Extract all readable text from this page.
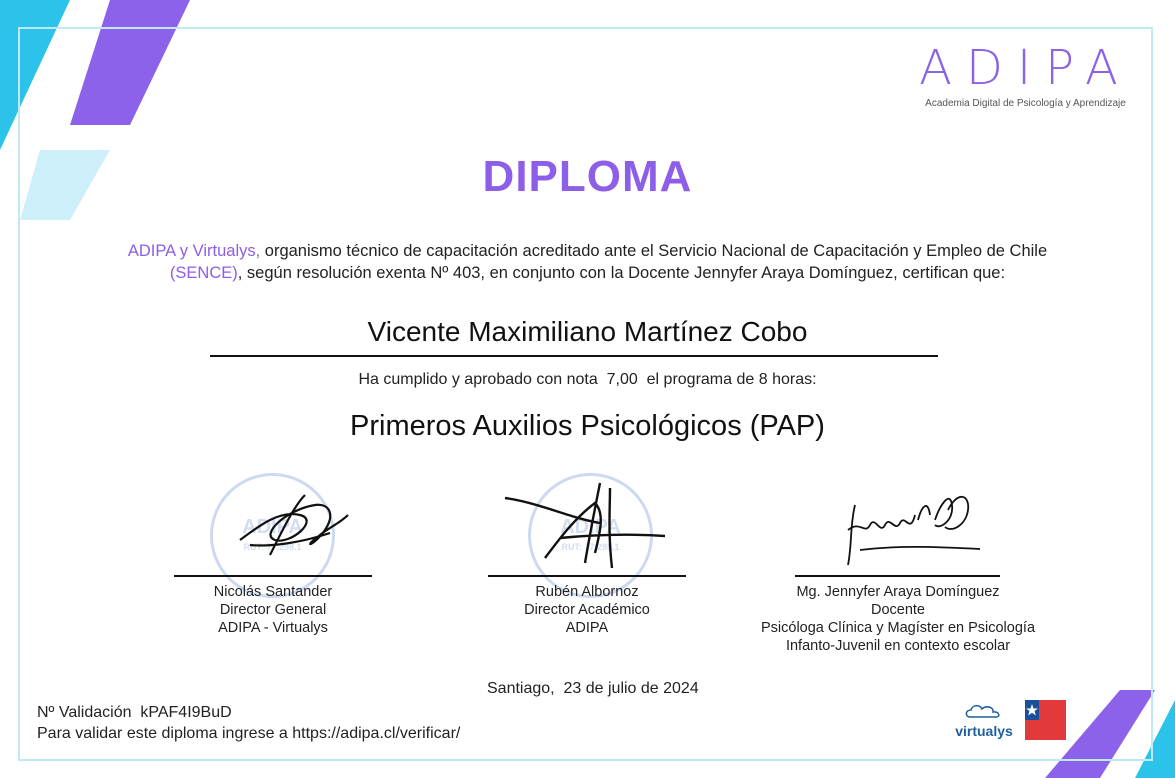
ADIPA
Academia Digital de Psicología y Aprendizaje
DIPLOMA
ADIPA y Virtualys, organismo técnico de capacitación acreditado ante el Servicio Nacional de Capacitación y Empleo de Chile (SENCE), según resolución exenta Nº 403, en conjunto con la Docente Jennyfer Araya Domínguez, certifican que:
Vicente Maximiliano Martínez Cobo
Ha cumplido y aprobado con nota 7,00 el programa de 8 horas:
Primeros Auxilios Psicológicos (PAP)
ADIPA
RUT: 77.298.1
ADIPA
RUT: 77.298.1
Nicolás Santander
Director General
ADIPA - Virtualys
Rubén Albornoz
Director Académico
ADIPA
Mg. Jennyfer Araya Domínguez
Docente
Psicóloga Clínica y Magíster en Psicología
Infanto-Juvenil en contexto escolar
Santiago, 23 de julio de 2024
Nº Validación kPAF4I9BuD
Para validar este diploma ingrese a https://adipa.cl/verificar/	virtualys
